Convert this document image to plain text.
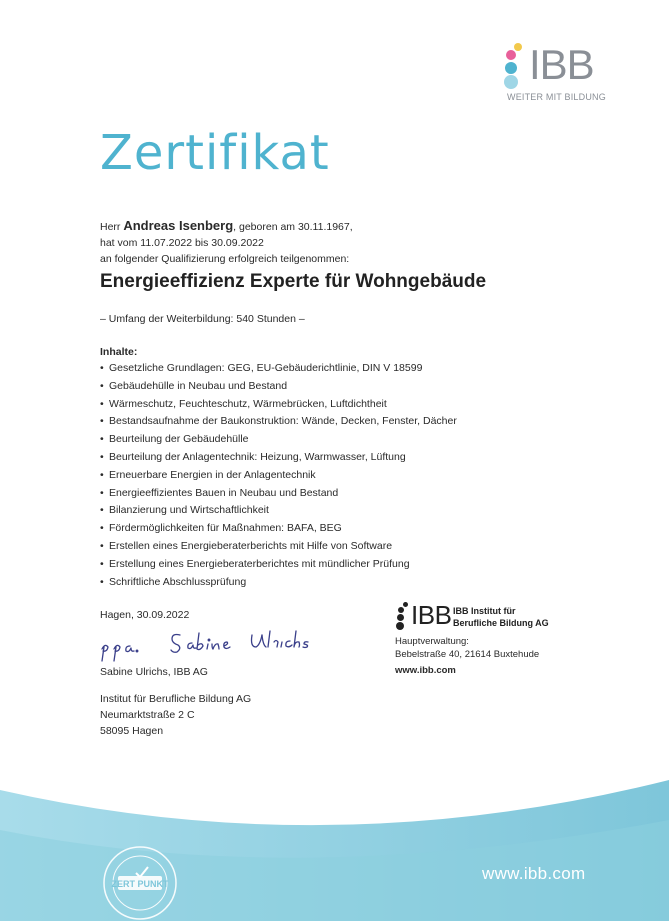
IBB
WEITER MIT BILDUNG
Zertifikat
Herr Andreas Isenberg, geboren am 30.11.1967,
hat vom 11.07.2022 bis 30.09.2022
an folgender Qualifizierung erfolgreich teilgenommen:
Energieeffizienz Experte für Wohngebäude
– Umfang der Weiterbildung: 540 Stunden –
Inhalte:
• Gesetzliche Grundlagen: GEG, EU-Gebäuderichtlinie, DIN V 18599
• Gebäudehülle in Neubau und Bestand
• Wärmeschutz, Feuchteschutz, Wärmebrücken, Luftdichtheit
• Bestandsaufnahme der Baukonstruktion: Wände, Decken, Fenster, Dächer
• Beurteilung der Gebäudehülle
• Beurteilung der Anlagentechnik: Heizung, Warmwasser, Lüftung
• Erneuerbare Energien in der Anlagentechnik
• Energieeffizientes Bauen in Neubau und Bestand
• Bilanzierung und Wirtschaftlichkeit
• Fördermöglichkeiten für Maßnahmen: BAFA, BEG
• Erstellen eines Energieberaterberichts mit Hilfe von Software
• Erstellung eines Energieberaterberichtes mit mündlicher Prüfung
• Schriftliche Abschlussprüfung
Hagen, 30.09.2022
Sabine Ulrichs, IBB AG
Institut für Berufliche Bildung AG
Neumarktstraße 2 C
58095 Hagen
IBB IBB Institut für
Berufliche Bildung AG
Hauptverwaltung:
Bebelstraße 40, 21614 Buxtehude
www.ibb.com
ZERT PUNKT
www.ibb.com
